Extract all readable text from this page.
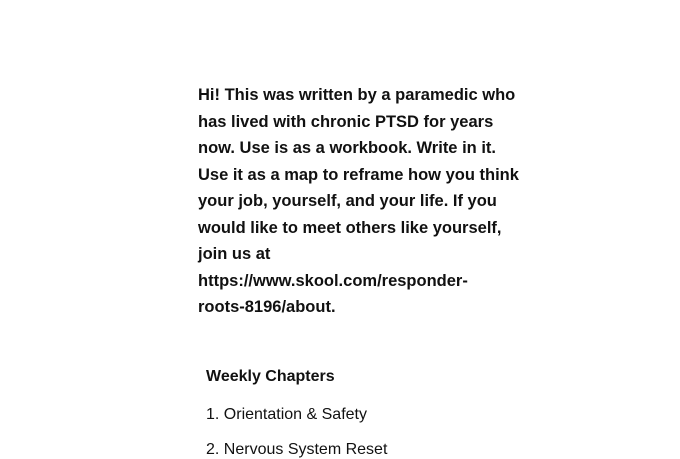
Hi! This was written by a paramedic who
has lived with chronic PTSD for years
now. Use is as a workbook. Write in it.
Use it as a map to reframe how you think
your job, yourself, and your life. If you
would like to meet others like yourself,
join us at
https://www.skool.com/responder-
roots-8196/about.

Weekly Chapters
1. Orientation & Safety
2. Nervous System Reset
